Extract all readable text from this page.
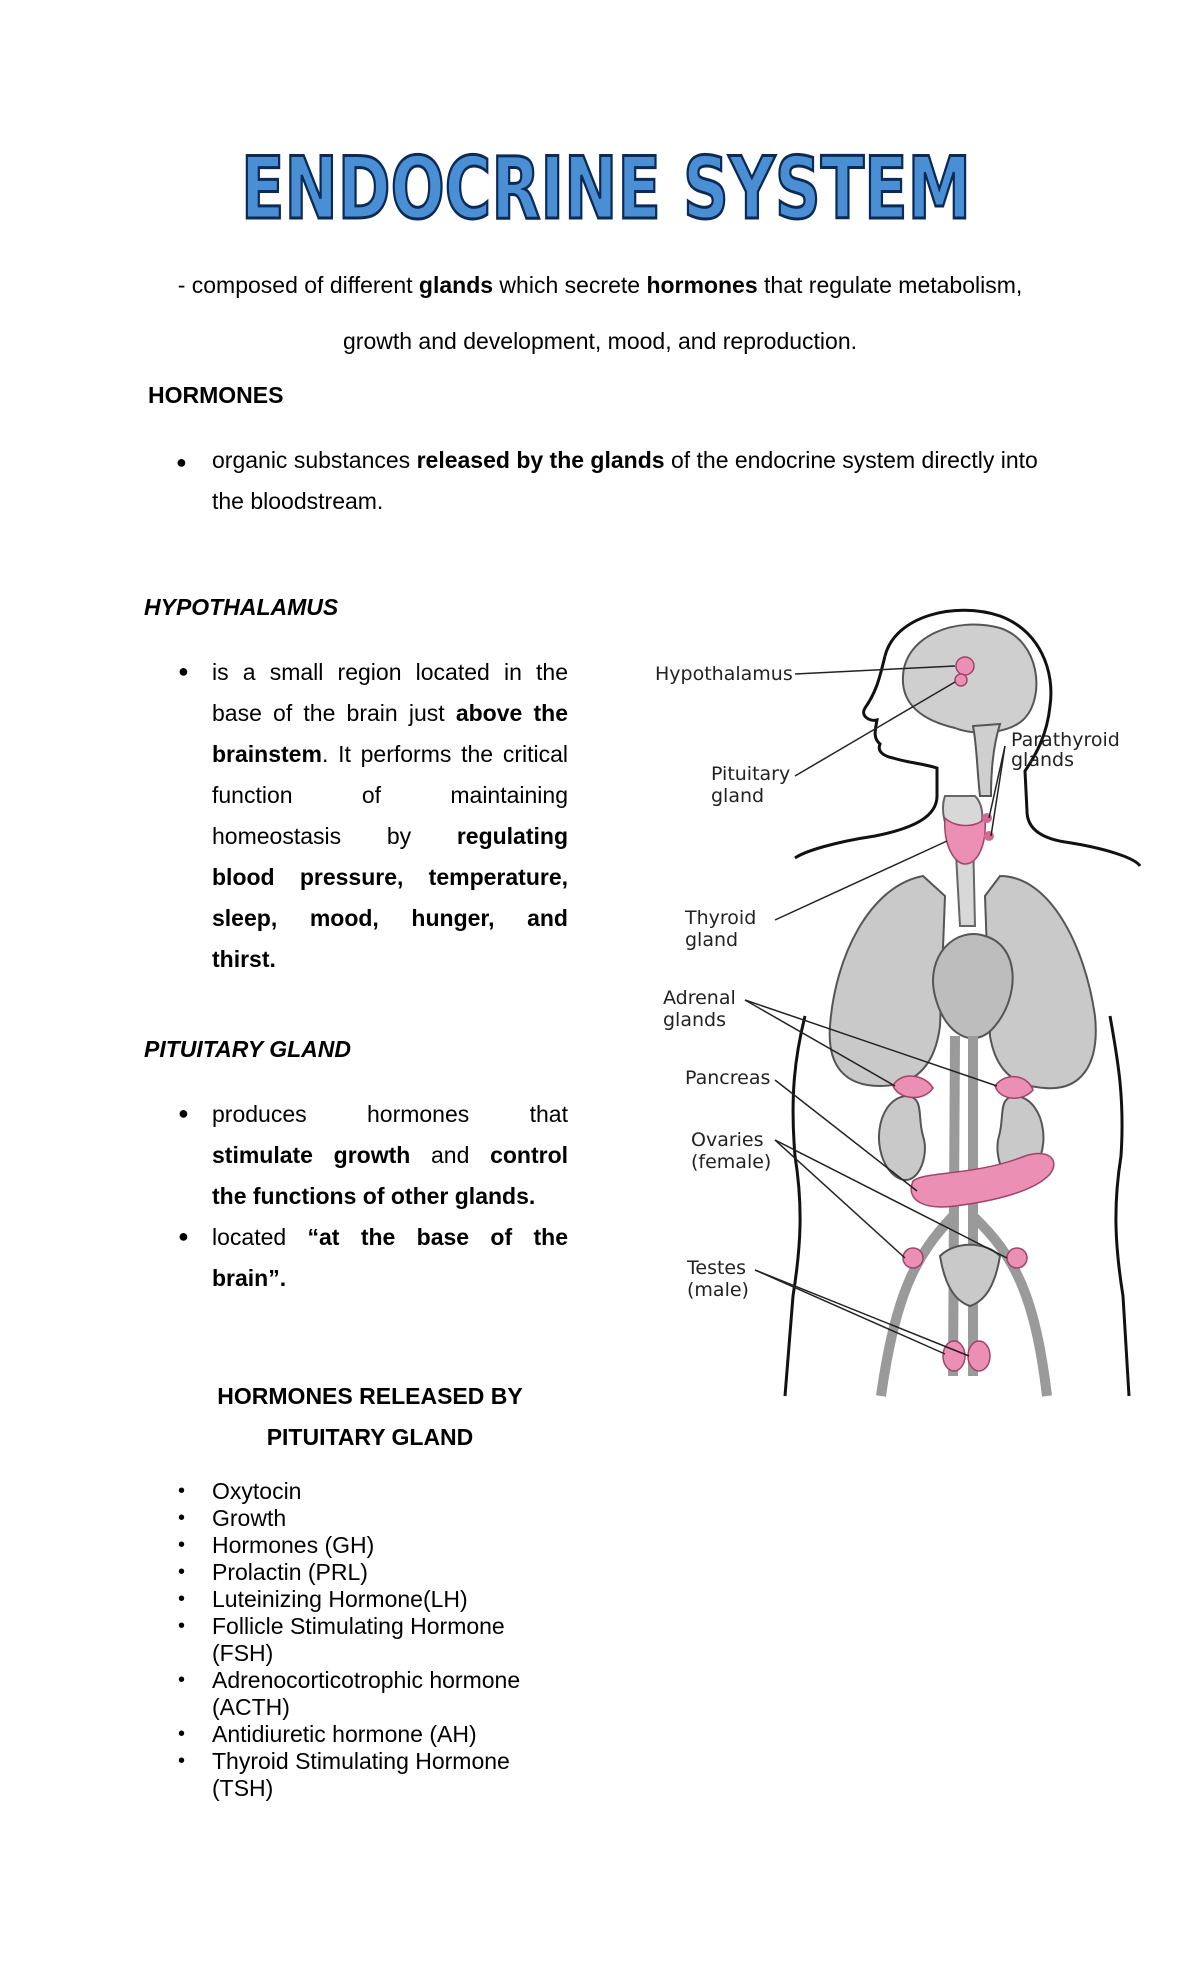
ENDOCRINE SYSTEM
- composed of different glands which secrete hormones that regulate metabolism,
growth and development, mood, and reproduction.
HORMONES
● organic substances released by the glands of the endocrine system directly into
the bloodstream.
HYPOTHALAMUS
● is a small region located in the
base of the brain just above the
brainstem. It performs the critical
function of maintaining
homeostasis by regulating
blood pressure, temperature,
sleep, mood, hunger, and
thirst.
PITUITARY GLAND
● produces hormones that
stimulate growth and control
the functions of other glands.
● located “at the base of the
brain”.
HORMONES RELEASED BY
PITUITARY GLAND
• Oxytocin
• Growth
• Hormones (GH)
• Prolactin (PRL)
• Luteinizing Hormone(LH)
• Follicle Stimulating Hormone
(FSH)
• Adrenocorticotrophic hormone
(ACTH)
• Antidiuretic hormone (AH)
• Thyroid Stimulating Hormone
(TSH)
Hypothalamus
Parathyroid
glands
Pituitary
gland
Thyroid
gland
Adrenal
glands
Pancreas
Ovaries
(female)
Testes
(male)
